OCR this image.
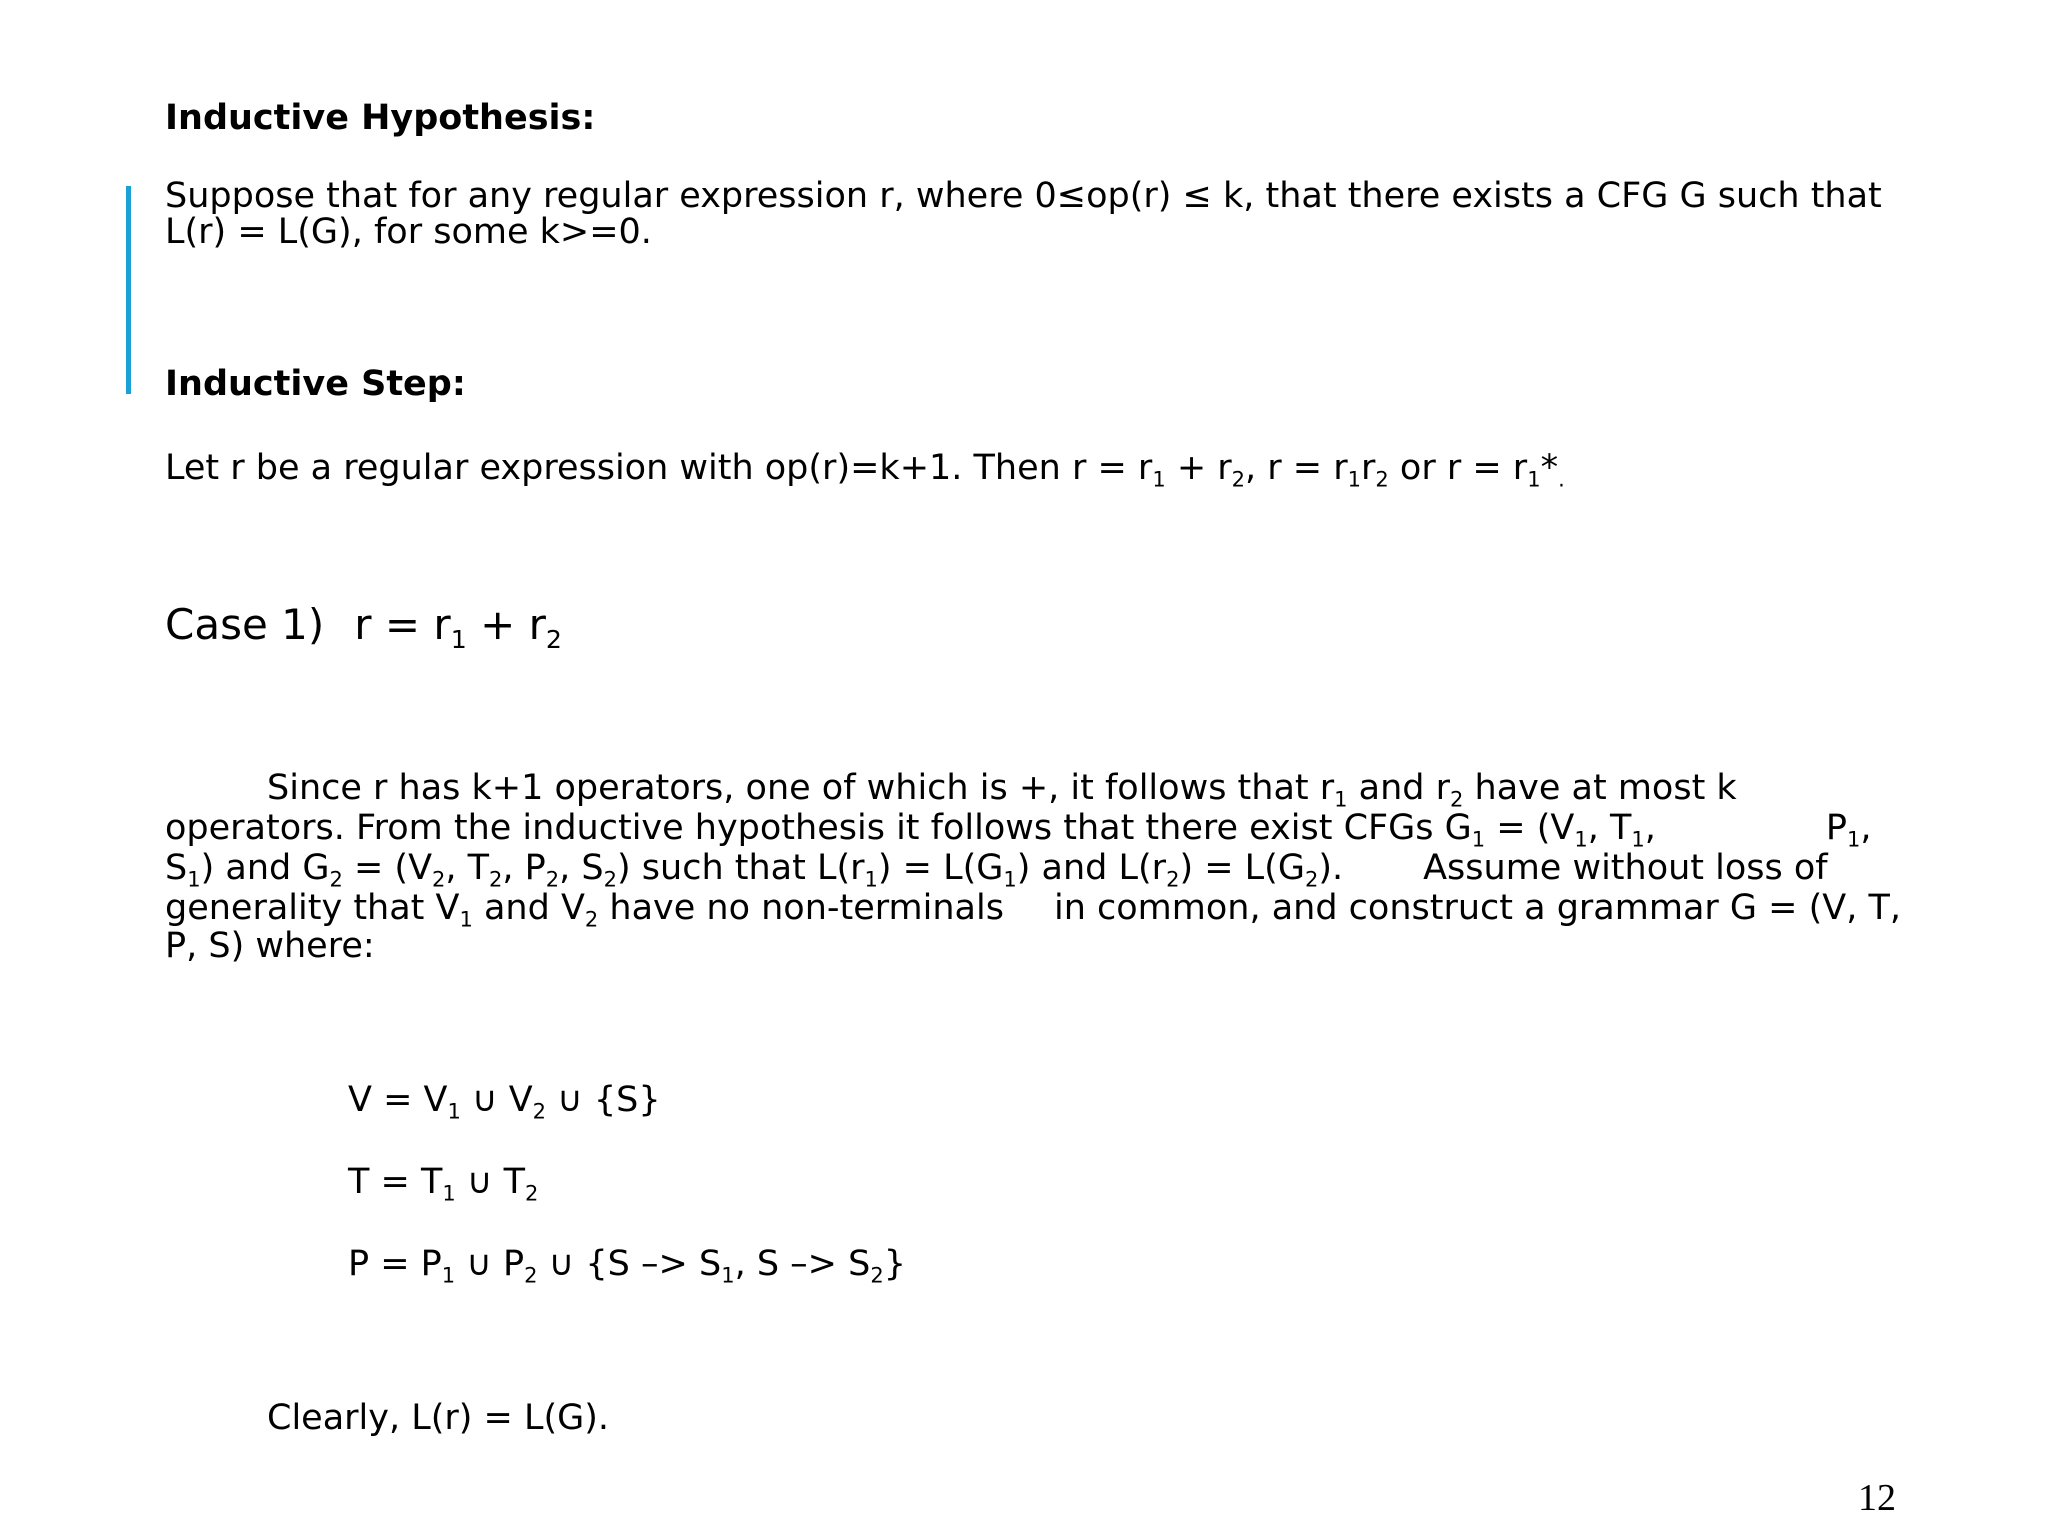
Inductive Hypothesis:
Suppose that for any regular expression r, where 0≤op(r) ≤ k, that there exists a CFG G such that
L(r) = L(G), for some k>=0.
Inductive Step:
Let r be a regular expression with op(r)=k+1. Then $r = r_1 + r_2$, $r = r_1r_2$ or $r = r_1*_.$
Case 1) $r = r_1 + r_2$
Since r has k+1 operators, one of which is +, it follows that $r_1$ and $r_2$ have at most k
operators. From the inductive hypothesis it follows that there exist CFGs $G_1 = (V_1$, $T_1$,	$P_1$,
$S_1$) and $G_2 = (V_2$, $T_2$, $P_2$, $S_2$) such that $L(r_1) = L(G_1)$ and $L(r_2) = L(G_2)$. Assume without loss of
generality that $V_1$ and $V_2$ have no non-terminals in common, and construct a grammar G = (V, T,
P, S) where:
$V = V_1$ ∪ $V_2$ ∪ {S}
$T = T_1$ ∪ $T_2$
$P = P_1$ ∪ $P_2$ ∪ {$S -> S_1$, $S -> S_2$}
Clearly, L(r) = L(G).
12
